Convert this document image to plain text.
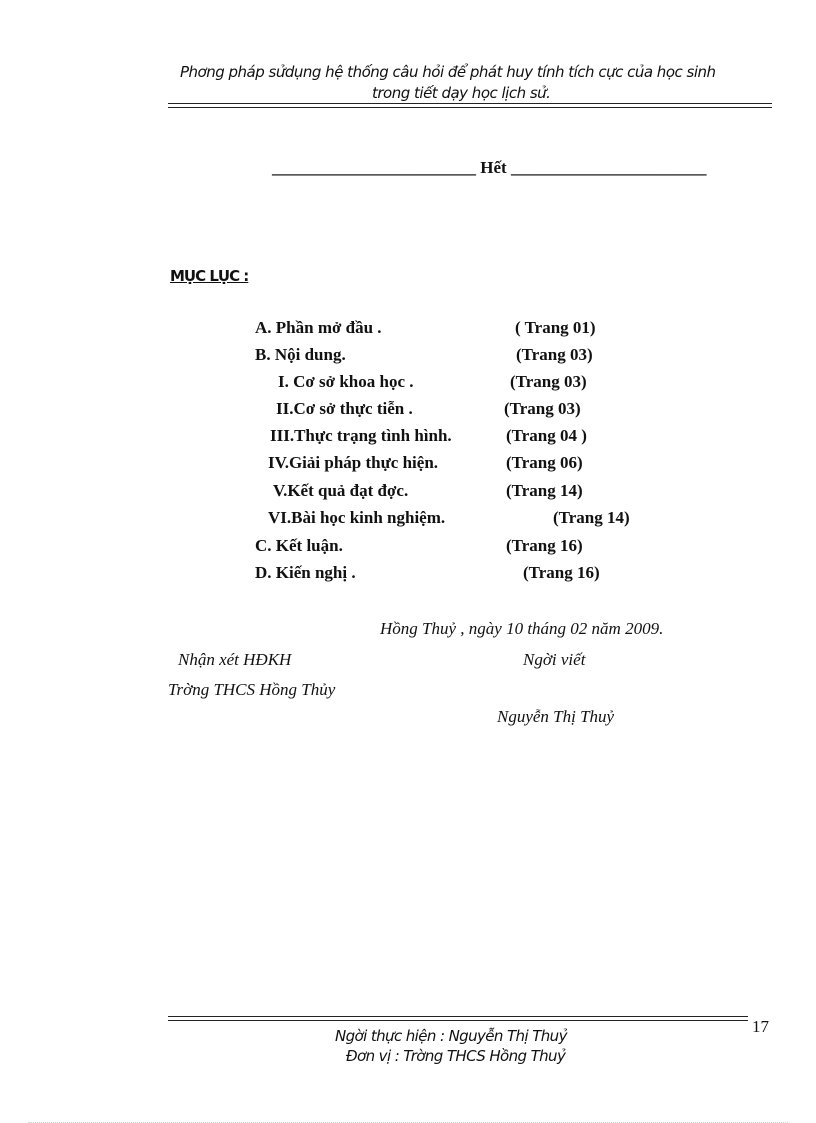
Phơng pháp sửdụng hệ thống câu hỏi để phát huy tính tích cực của học sinh
trong tiết dạy học lịch sử.
________________________ Hết _______________________
MỤC LỤC :
A. Phần mở đầu .	( Trang 01)
B. Nội dung.	(Trang 03)
I. Cơ sở khoa học .	(Trang 03)
II.Cơ sở thực tiễn .	(Trang 03)
III.Thực trạng tình hình.	(Trang 04 )
IV.Giải pháp thực hiện.	(Trang 06)
V.Kết quả đạt đợc.	(Trang 14)
VI.Bài học kinh nghiệm.	(Trang 14)
C. Kết luận.	(Trang 16)
D. Kiến nghị .	(Trang 16)
Hồng Thuỷ , ngày 10 tháng 02 năm 2009.
Nhận xét HĐKH	Ngời viết
Trờng THCS Hồng Thủy
Nguyễn Thị Thuỷ
17
Ngời thực hiện : Nguyễn Thị Thuỷ
Đơn vị : Trờng THCS Hồng Thuỷ
